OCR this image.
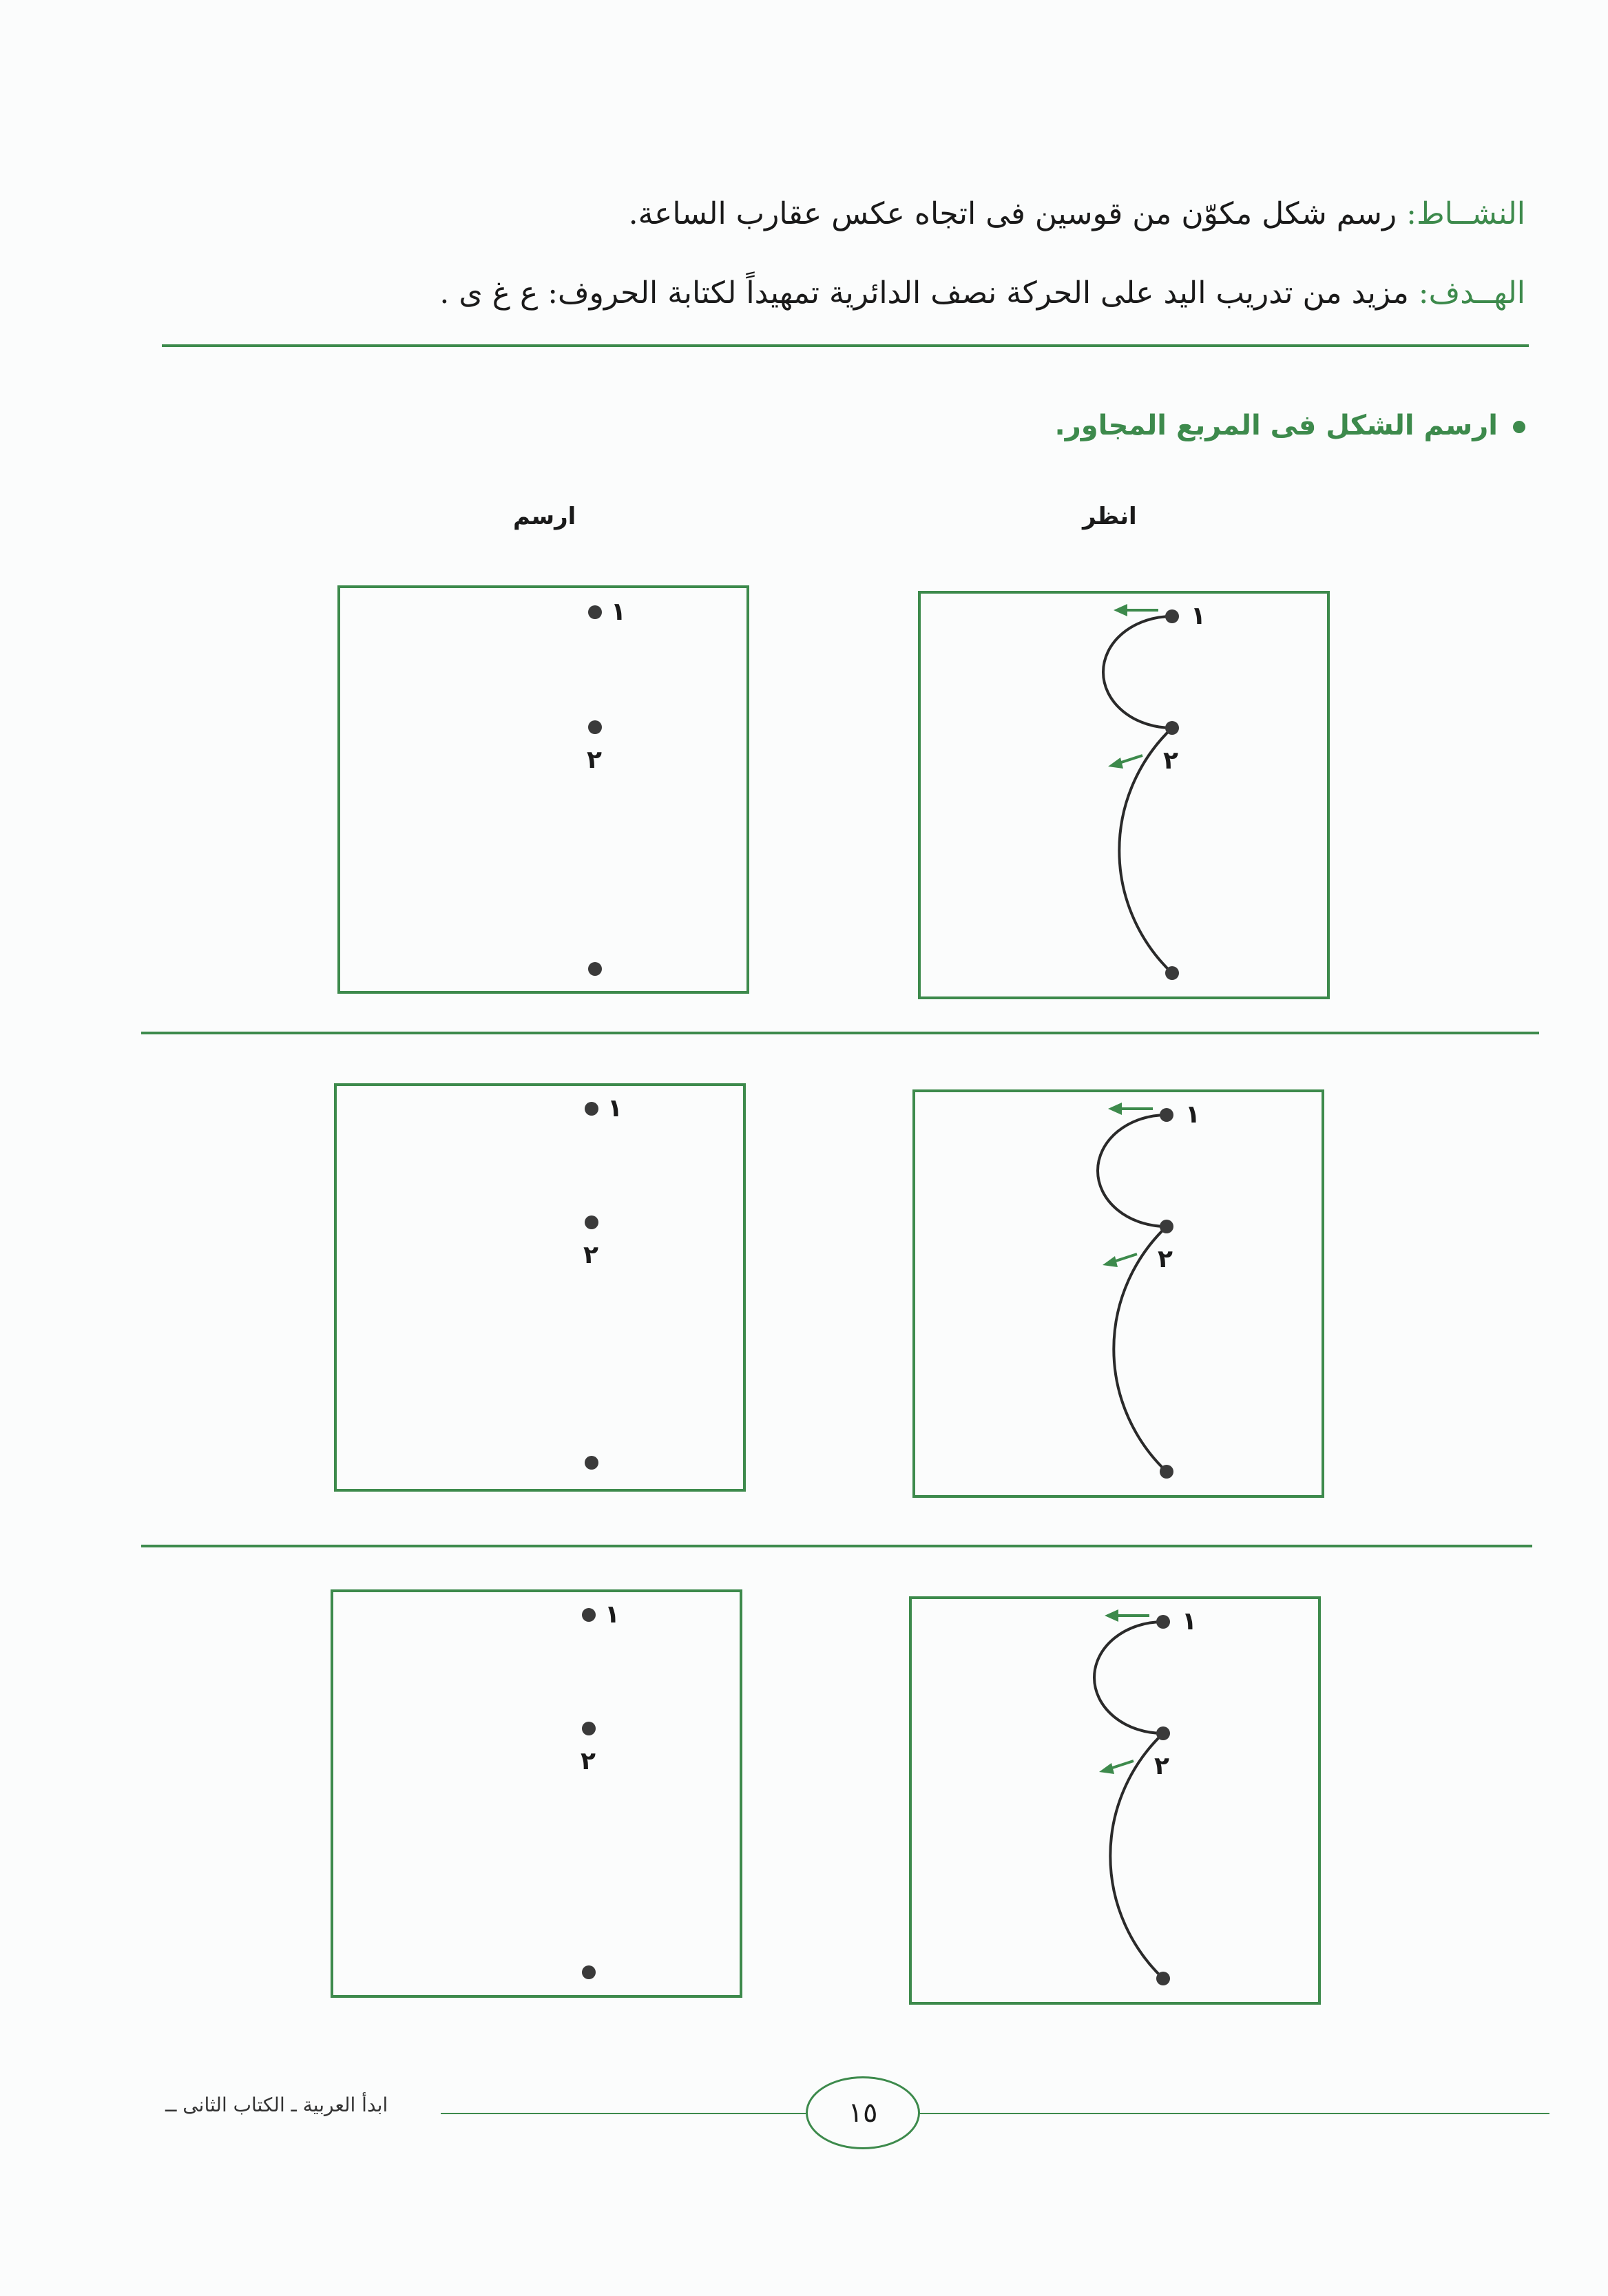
النشــاط: رسم شكل مكوّن من قوسين فى اتجاه عكس عقارب الساعة.
الهــدف: مزيد من تدريب اليد على الحركة نصف الدائرية تمهيداً لكتابة الحروف: ع غ ى .
ارسم الشكل فى المربع المجاور.
انظر
ارسم
١
٢
١
٢
١
٢
١
٢
١
٢
١
٢
١٥
ابدأ العربية ـ الكتاب الثانى ــ
